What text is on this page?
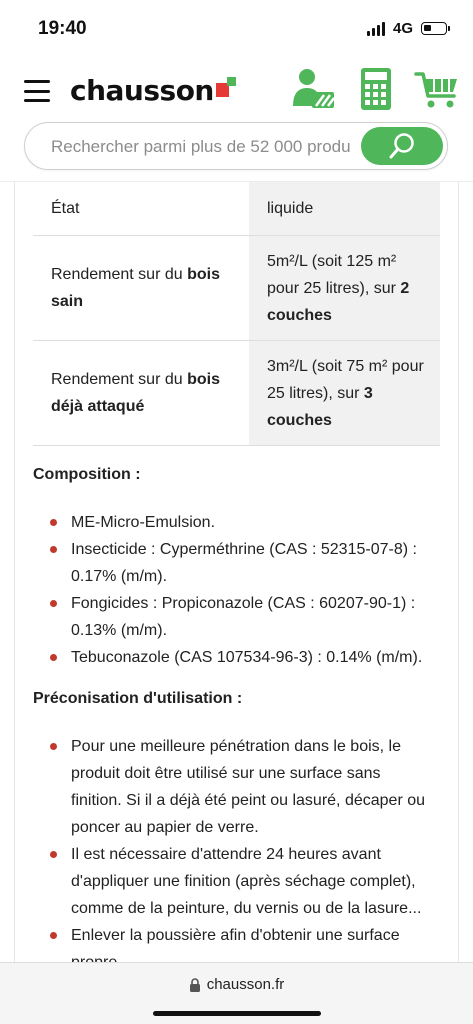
19:40	4G
chausson
Rechercher parmi plus de 52 000 produits
État	liquide
Rendement sur du bois sain	5m²/L (soit 125 m² pour 25 litres), sur 2 couches
Rendement sur du bois déjà attaqué	3m²/L (soit 75 m² pour 25 litres), sur 3 couches
Composition :
ME-Micro-Emulsion.
Insecticide : Cyperméthrine (CAS : 52315-07-8) : 0.17% (m/m).
Fongicides : Propiconazole (CAS : 60207-90-1) : 0.13% (m/m).
Tebuconazole (CAS 107534-96-3) : 0.14% (m/m).
Préconisation d'utilisation :
Pour une meilleure pénétration dans le bois, le produit doit être utilisé sur une surface sans finition. Si il a déjà été peint ou lasuré, décaper ou poncer au papier de verre.
Il est nécessaire d'attendre 24 heures avant d'appliquer une finition (après séchage complet), comme de la peinture, du vernis ou de la lasure...
Enlever la poussière afin d'obtenir une surface
chausson.fr
